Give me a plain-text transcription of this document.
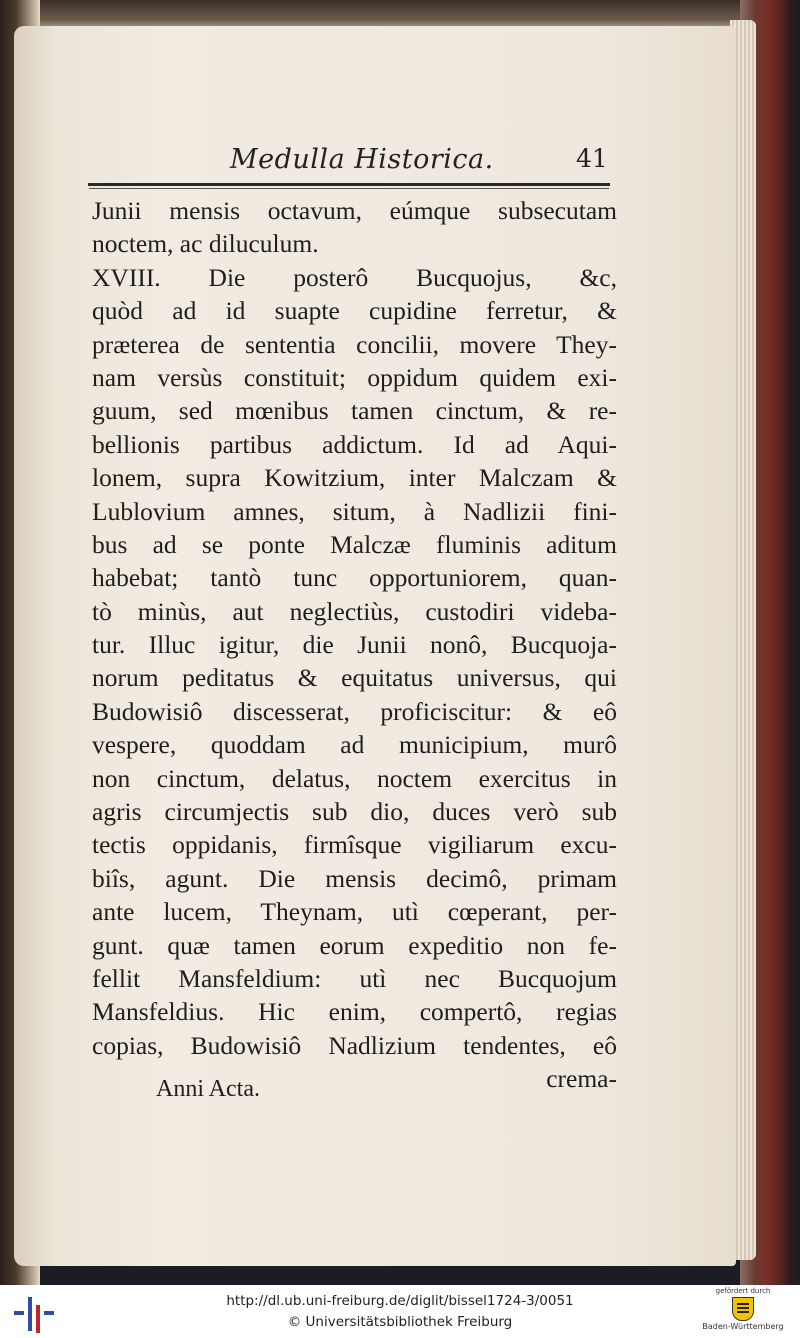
Medulla Historica.	41
Junii mensis octavum, eúmque subsecutam
noctem, ac diluculum.
XVIII. Die posterô Bucquojus, &c,
quòd ad id suapte cupidine ferretur, &
præterea de sententia concilii, movere They-
nam versùs constituit; oppidum quidem exi-
guum, sed mœnibus tamen cinctum, & re-
bellionis partibus addictum. Id ad Aqui-
lonem, supra Kowitzium, inter Malczam &
Lublovium amnes, situm, à Nadlizii fini-
bus ad se ponte Malczæ fluminis aditum
habebat; tantò tunc opportuniorem, quan-
tò minùs, aut neglectiùs, custodiri videba-
tur. Illuc igitur, die Junii nonô, Bucquoja-
norum peditatus & equitatus universus, qui
Budowisiô discesserat, proficiscitur: & eô
vespere, quoddam ad municipium, murô
non cinctum, delatus, noctem exercitus in
agris circumjectis sub dio, duces verò sub
tectis oppidanis, firmîsque vigiliarum excu-
biîs, agunt. Die mensis decimô, primam
ante lucem, Theynam, utì cœperant, per-
gunt. quæ tamen eorum expeditio non fe-
fellit Mansfeldium: utì nec Bucquojum
Mansfeldius. Hic enim, compertô, regias
copias, Budowisiô Nadlizium tendentes, eô
crema-
Anni Acta.
http://dl.ub.uni-freiburg.de/diglit/bissel1724-3/0051
© Universitätsbibliothek Freiburg
gefördert durch
Baden-Württemberg
